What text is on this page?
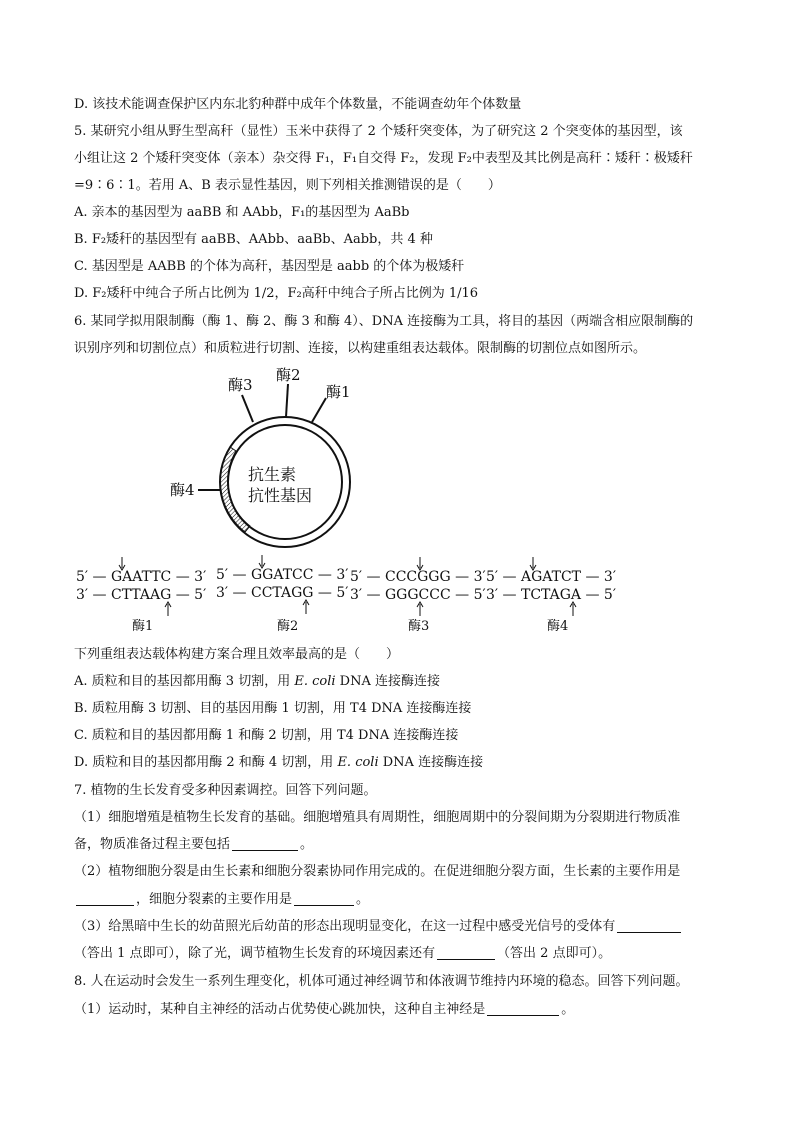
D. 该技术能调查保护区内东北豹种群中成年个体数量，不能调查幼年个体数量
5. 某研究小组从野生型高秆（显性）玉米中获得了 2 个矮秆突变体，为了研究这 2 个突变体的基因型，该
小组让这 2 个矮秆突变体（亲本）杂交得 F₁，F₁自交得 F₂，发现 F₂中表型及其比例是高秆∶矮秆∶极矮秆
=9∶6∶1。若用 A、B 表示显性基因，则下列相关推测错误的是（　　）
A. 亲本的基因型为 aaBB 和 AAbb，F₁的基因型为 AaBb
B. F₂矮秆的基因型有 aaBB、AAbb、aaBb、Aabb，共 4 种
C. 基因型是 AABB 的个体为高秆，基因型是 aabb 的个体为极矮秆
D. F₂矮秆中纯合子所占比例为 1/2，F₂高秆中纯合子所占比例为 1/16
6. 某同学拟用限制酶（酶 1、酶 2、酶 3 和酶 4）、DNA 连接酶为工具，将目的基因（两端含相应限制酶的
识别序列和切割位点）和质粒进行切割、连接，以构建重组表达载体。限制酶的切割位点如图所示。
酶3
酶2
酶1
酶4
抗生素
抗性基因
5′ — GAATTC — 3′
3′ — CTTAAG — 5′
酶1
5′ — GGATCC — 3′
3′ — CCTAGG — 5′
酶2
5′ — CCCGGG — 3′
3′ — GGGCCC — 5′
酶3
5′ — AGATCT — 3′
3′ — TCTAGA — 5′
酶4
下列重组表达载体构建方案合理且效率最高的是（　　）
A. 质粒和目的基因都用酶 3 切割，用 E. coli DNA 连接酶连接
B. 质粒用酶 3 切割、目的基因用酶 1 切割，用 T4 DNA 连接酶连接
C. 质粒和目的基因都用酶 1 和酶 2 切割，用 T4 DNA 连接酶连接
D. 质粒和目的基因都用酶 2 和酶 4 切割，用 E. coli DNA 连接酶连接
7. 植物的生长发育受多种因素调控。回答下列问题。
（1）细胞增殖是植物生长发育的基础。细胞增殖具有周期性，细胞周期中的分裂间期为分裂期进行物质准
备，物质准备过程主要包括	。
（2）植物细胞分裂是由生长素和细胞分裂素协同作用完成的。在促进细胞分裂方面，生长素的主要作用是
，细胞分裂素的主要作用是	。
（3）给黑暗中生长的幼苗照光后幼苗的形态出现明显变化，在这一过程中感受光信号的受体有
（答出 1 点即可），除了光，调节植物生长发育的环境因素还有	（答出 2 点即可）。
8. 人在运动时会发生一系列生理变化，机体可通过神经调节和体液调节维持内环境的稳态。回答下列问题。
（1）运动时，某种自主神经的活动占优势使心跳加快，这种自主神经是	。
